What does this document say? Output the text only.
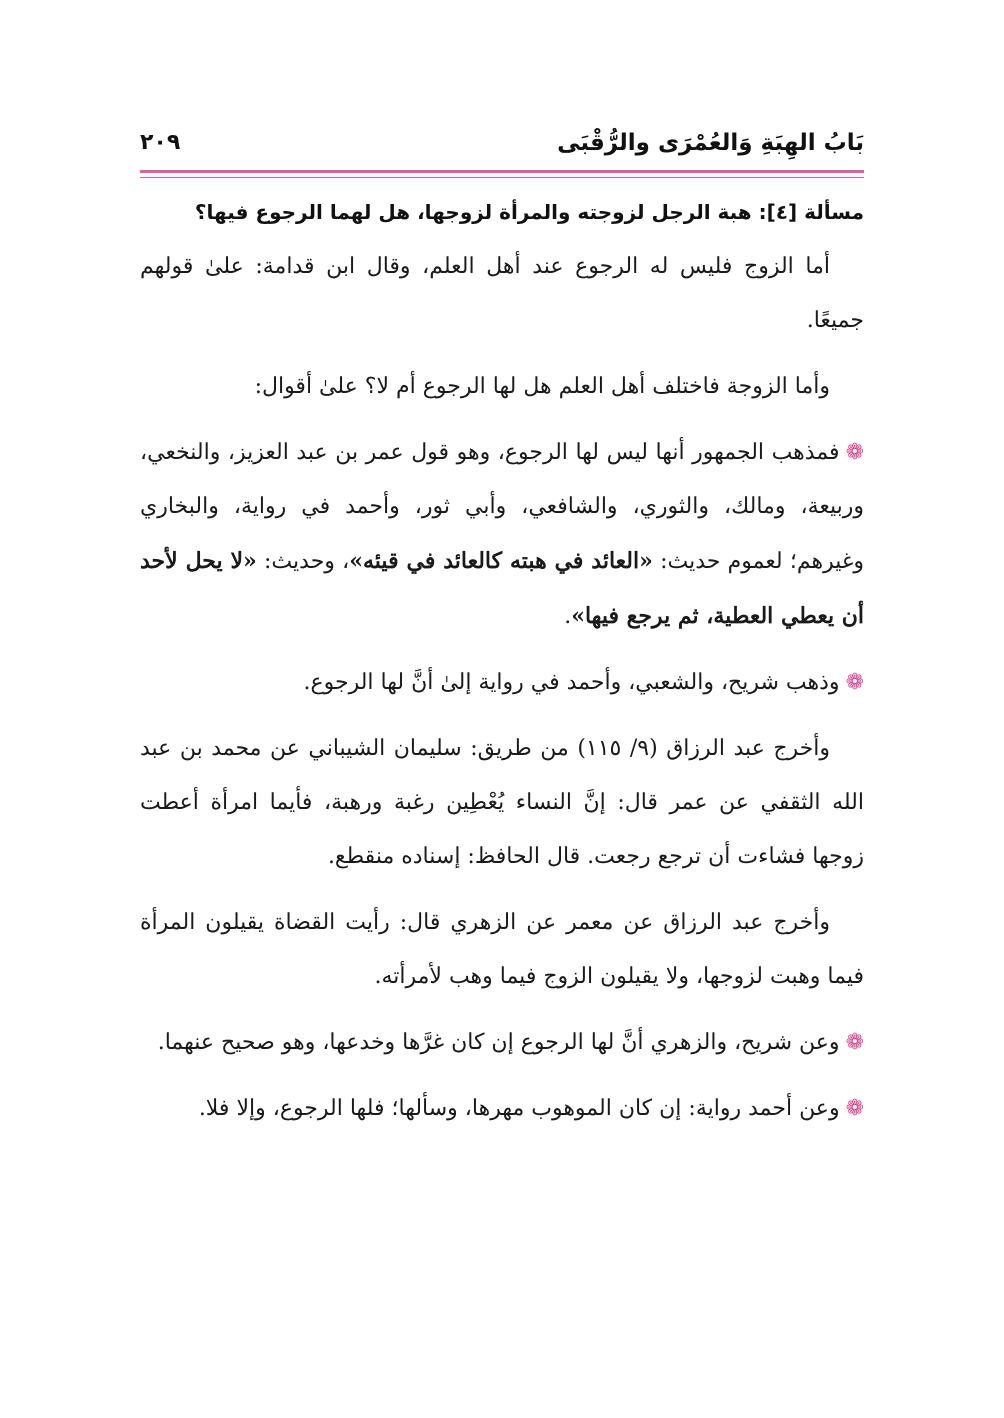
بَابُ الهِبَةِ وَالعُمْرَى والرُّقْبَى
٢٠٩
مسألة [٤]: هبة الرجل لزوجته والمرأة لزوجها، هل لهما الرجوع فيها؟

أما الزوج فليس له الرجوع عند أهل العلم، وقال ابن قدامة: علىٰ قولهم جميعًا.

وأما الزوجة فاختلف أهل العلم هل لها الرجوع أم لا؟ علىٰ أقوال:

❁فمذهب الجمهور أنها ليس لها الرجوع، وهو قول عمر بن عبد العزيز، والنخعي، وربيعة، ومالك، والثوري، والشافعي، وأبي ثور، وأحمد في رواية، والبخاري وغيرهم؛ لعموم حديث: «العائد في هبته كالعائد في قيئه»، وحديث: «لا يحل لأحد أن يعطي العطية، ثم يرجع فيها».

❁وذهب شريح، والشعبي، وأحمد في رواية إلىٰ أنَّ لها الرجوع.

وأخرج عبد الرزاق (٩/ ١١٥) من طريق: سليمان الشيباني عن محمد بن عبد الله الثقفي عن عمر قال: إنَّ النساء يُعْطِين رغبة ورهبة، فأيما امرأة أعطت زوجها فشاءت أن ترجع رجعت. قال الحافظ: إسناده منقطع.

وأخرج عبد الرزاق عن معمر عن الزهري قال: رأيت القضاة يقيلون المرأة فيما وهبت لزوجها، ولا يقيلون الزوج فيما وهب لأمرأته.

❁وعن شريح، والزهري أنَّ لها الرجوع إن كان غرَّها وخدعها، وهو صحيح عنهما.

❁وعن أحمد رواية: إن كان الموهوب مهرها، وسألها؛ فلها الرجوع، وإلا فلا.
